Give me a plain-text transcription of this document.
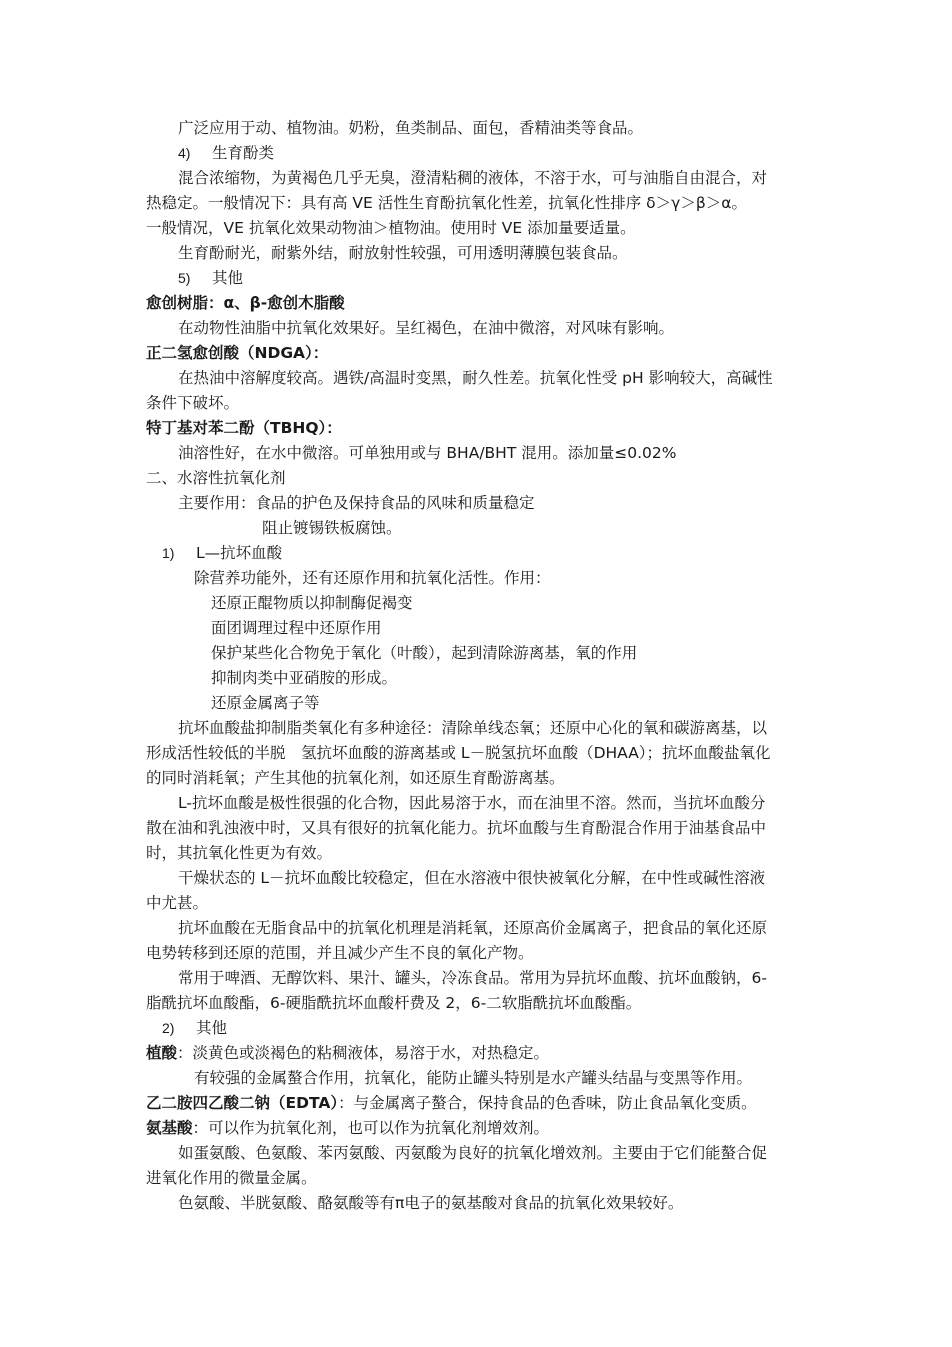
广泛应用于动、植物油。奶粉，鱼类制品、面包，香精油类等食品。
4) 生育酚类
混合浓缩物，为黄褐色几乎无臭，澄清粘稠的液体，不溶于水，可与油脂自由混合，对
热稳定。一般情况下：具有高 VE 活性生育酚抗氧化性差，抗氧化性排序 δ＞γ＞β＞α。
一般情况，VE 抗氧化效果动物油＞植物油。使用时 VE 添加量要适量。
生育酚耐光，耐紫外结，耐放射性较强，可用透明薄膜包装食品。
5) 其他
愈创树脂：α、β-愈创木脂酸
在动物性油脂中抗氧化效果好。呈红褐色，在油中微溶，对风味有影响。
正二氢愈创酸（NDGA）：
在热油中溶解度较高。遇铁/高温时变黑，耐久性差。抗氧化性受 pH 影响较大，高碱性
条件下破坏。
特丁基对苯二酚（TBHQ）：
油溶性好，在水中微溶。可单独用或与 BHA/BHT 混用。添加量≤0.02%
二、水溶性抗氧化剂
主要作用：食品的护色及保持食品的风味和质量稳定
阻止镀锡铁板腐蚀。
1) L—抗坏血酸
除营养功能外，还有还原作用和抗氧化活性。作用：
还原正醌物质以抑制酶促褐变
面团调理过程中还原作用
保护某些化合物免于氧化（叶酸），起到清除游离基，氧的作用
抑制肉类中亚硝胺的形成。
还原金属离子等
抗坏血酸盐抑制脂类氧化有多种途径：清除单线态氧；还原中心化的氧和碳游离基，以
形成活性较低的半脱　氢抗坏血酸的游离基或 L－脱氢抗坏血酸（DHAA）；抗坏血酸盐氧化
的同时消耗氧；产生其他的抗氧化剂，如还原生育酚游离基。
L-抗坏血酸是极性很强的化合物，因此易溶于水，而在油里不溶。然而，当抗坏血酸分
散在油和乳浊液中时，又具有很好的抗氧化能力。抗坏血酸与生育酚混合作用于油基食品中
时，其抗氧化性更为有效。
干燥状态的 L－抗坏血酸比较稳定，但在水溶液中很快被氧化分解，在中性或碱性溶液
中尤甚。
抗坏血酸在无脂食品中的抗氧化机理是消耗氧，还原高价金属离子，把食品的氧化还原
电势转移到还原的范围，并且减少产生不良的氧化产物。
常用于啤酒、无醇饮料、果汁、罐头，冷冻食品。常用为异抗坏血酸、抗坏血酸钠，6-
脂酰抗坏血酸酯，6-硬脂酰抗坏血酸杆费及 2，6-二软脂酰抗坏血酸酯。
2) 其他
植酸：淡黄色或淡褐色的粘稠液体，易溶于水，对热稳定。
有较强的金属螯合作用，抗氧化，能防止罐头特别是水产罐头结晶与变黑等作用。
乙二胺四乙酸二钠（EDTA）：与金属离子螯合，保持食品的色香味，防止食品氧化变质。
氨基酸：可以作为抗氧化剂，也可以作为抗氧化剂增效剂。
如蛋氨酸、色氨酸、苯丙氨酸、丙氨酸为良好的抗氧化增效剂。主要由于它们能螯合促
进氧化作用的微量金属。
色氨酸、半胱氨酸、酪氨酸等有π电子的氨基酸对食品的抗氧化效果较好。
